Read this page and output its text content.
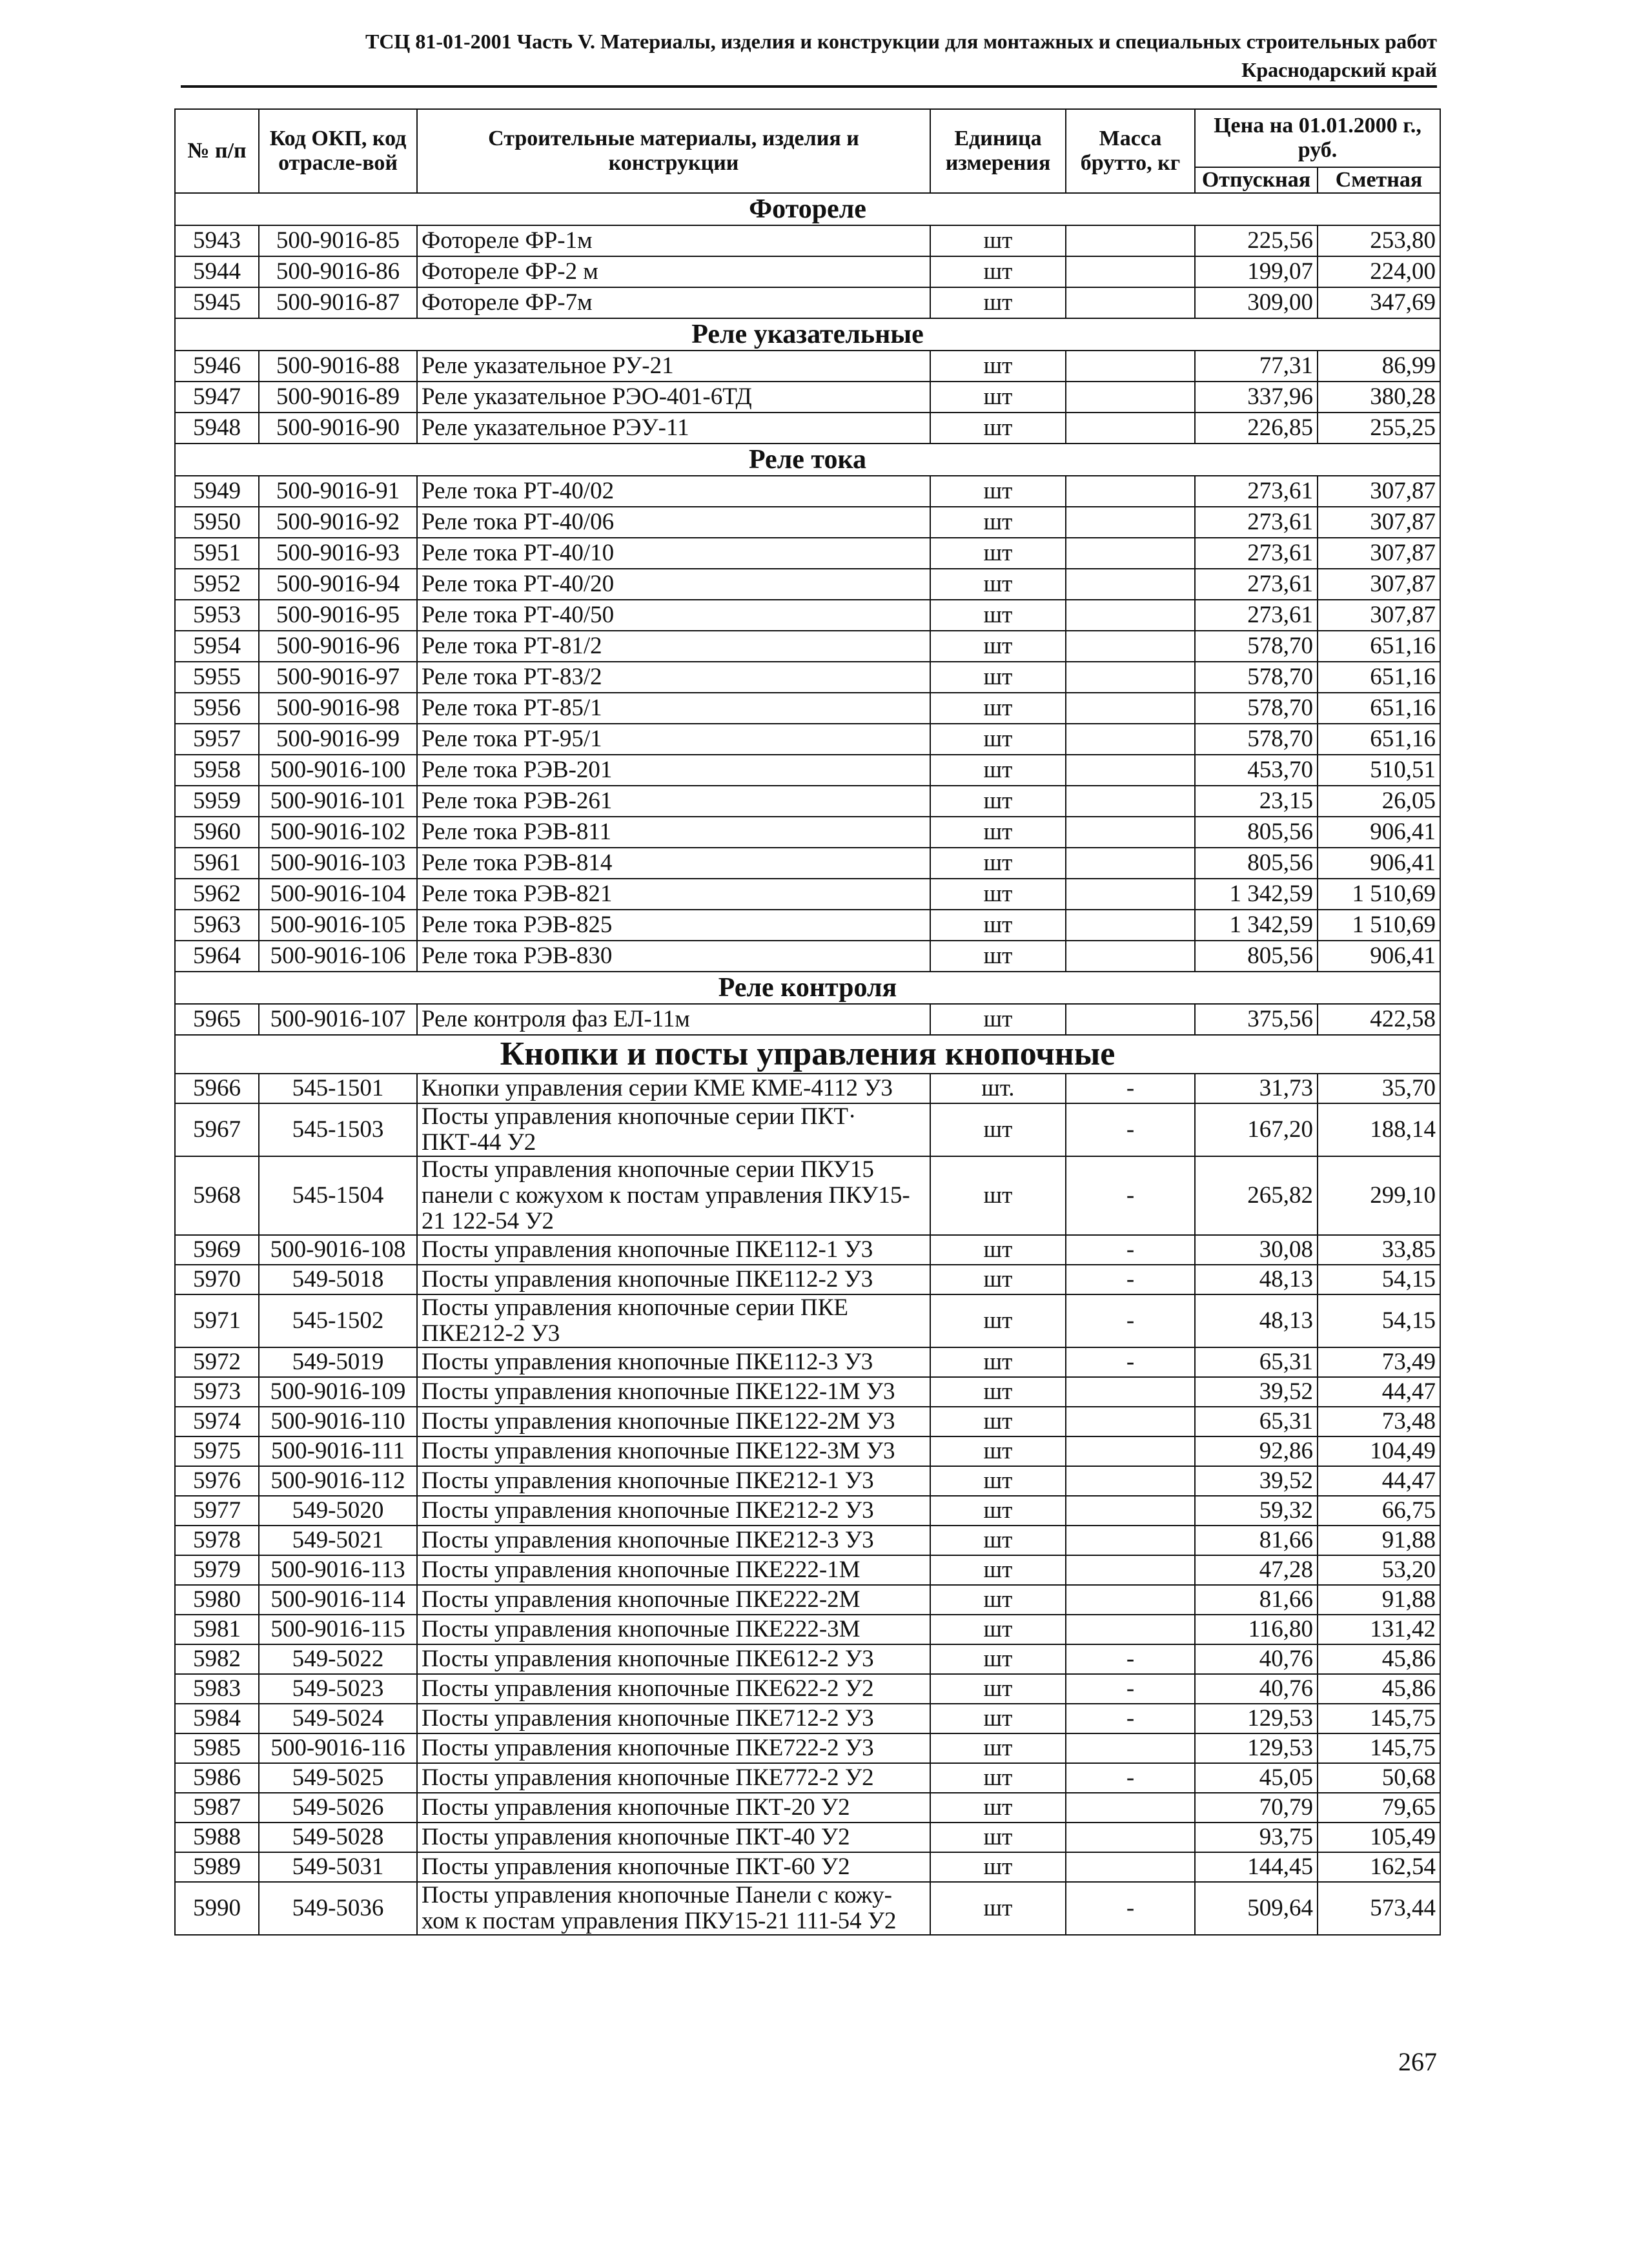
ТСЦ 81-01-2001 Часть V. Материалы, изделия и конструкции для монтажных и специальных строительных работ
Краснодарский край
№ п/п	Код ОКП, код отрасле-вой	Строительные материалы, изделия и конструкции	Единица измерения	Масса брутто, кг	Цена на 01.01.2000 г., руб.	
					Отпускная	Сметная
Фотореле						
5943	500-9016-85	Фотореле ФР-1м	шт		225,56	253,80
5944	500-9016-86	Фотореле ФР-2 м	шт		199,07	224,00
5945	500-9016-87	Фотореле ФР-7м	шт		309,00	347,69
Реле указательные						
5946	500-9016-88	Реле указательное РУ-21	шт		77,31	86,99
5947	500-9016-89	Реле указательное РЭО-401-6ТД	шт		337,96	380,28
5948	500-9016-90	Реле указательное РЭУ-11	шт		226,85	255,25
Реле тока						
5949	500-9016-91	Реле тока РТ-40/02	шт		273,61	307,87
5950	500-9016-92	Реле тока РТ-40/06	шт		273,61	307,87
5951	500-9016-93	Реле тока РТ-40/10	шт		273,61	307,87
5952	500-9016-94	Реле тока РТ-40/20	шт		273,61	307,87
5953	500-9016-95	Реле тока РТ-40/50	шт		273,61	307,87
5954	500-9016-96	Реле тока РТ-81/2	шт		578,70	651,16
5955	500-9016-97	Реле тока РТ-83/2	шт		578,70	651,16
5956	500-9016-98	Реле тока РТ-85/1	шт		578,70	651,16
5957	500-9016-99	Реле тока РТ-95/1	шт		578,70	651,16
5958	500-9016-100	Реле тока РЭВ-201	шт		453,70	510,51
5959	500-9016-101	Реле тока РЭВ-261	шт		23,15	26,05
5960	500-9016-102	Реле тока РЭВ-811	шт		805,56	906,41
5961	500-9016-103	Реле тока РЭВ-814	шт		805,56	906,41
5962	500-9016-104	Реле тока РЭВ-821	шт		1 342,59	1 510,69
5963	500-9016-105	Реле тока РЭВ-825	шт		1 342,59	1 510,69
5964	500-9016-106	Реле тока РЭВ-830	шт		805,56	906,41
Реле контроля						
5965	500-9016-107	Реле контроля фаз ЕЛ-11м	шт		375,56	422,58
Кнопки и посты управления кнопочные						
5966	545-1501	Кнопки управления серии КМЕ КМЕ-4112 У3	шт.	-	31,73	35,70
5967	545-1503	Посты управления кнопочные серии ПКТ· ПКТ-44 У2	шт	-	167,20	188,14
5968	545-1504	Посты управления кнопочные серии ПКУ15 панели с кожухом к постам управления ПКУ15-21 122-54 У2	шт	-	265,82	299,10
5969	500-9016-108	Посты управления кнопочные ПКЕ112-1 У3	шт	-	30,08	33,85
5970	549-5018	Посты управления кнопочные ПКЕ112-2 У3	шт	-	48,13	54,15
5971	545-1502	Посты управления кнопочные серии ПКЕ ПКЕ212-2 У3	шт	-	48,13	54,15
5972	549-5019	Посты управления кнопочные ПКЕ112-3 У3	шт	-	65,31	73,49
5973	500-9016-109	Посты управления кнопочные ПКЕ122-1М У3	шт		39,52	44,47
5974	500-9016-110	Посты управления кнопочные ПКЕ122-2М У3	шт		65,31	73,48
5975	500-9016-111	Посты управления кнопочные ПКЕ122-3М У3	шт		92,86	104,49
5976	500-9016-112	Посты управления кнопочные ПКЕ212-1 У3	шт		39,52	44,47
5977	549-5020	Посты управления кнопочные ПКЕ212-2 У3	шт		59,32	66,75
5978	549-5021	Посты управления кнопочные ПКЕ212-3 У3	шт		81,66	91,88
5979	500-9016-113	Посты управления кнопочные ПКЕ222-1М	шт		47,28	53,20
5980	500-9016-114	Посты управления кнопочные ПКЕ222-2М	шт		81,66	91,88
5981	500-9016-115	Посты управления кнопочные ПКЕ222-3М	шт		116,80	131,42
5982	549-5022	Посты управления кнопочные ПКЕ612-2 У3	шт	-	40,76	45,86
5983	549-5023	Посты управления кнопочные ПКЕ622-2 У2	шт	-	40,76	45,86
5984	549-5024	Посты управления кнопочные ПКЕ712-2 У3	шт	-	129,53	145,75
5985	500-9016-116	Посты управления кнопочные ПКЕ722-2 У3	шт		129,53	145,75
5986	549-5025	Посты управления кнопочные ПКЕ772-2 У2	шт	-	45,05	50,68
5987	549-5026	Посты управления кнопочные ПКТ-20 У2	шт		70,79	79,65
5988	549-5028	Посты управления кнопочные ПКТ-40 У2	шт		93,75	105,49
5989	549-5031	Посты управления кнопочные ПКТ-60 У2	шт		144,45	162,54
5990	549-5036	Посты управления кнопочные Панели с кожу-хом к постам управления ПКУ15-21 111-54 У2	шт	-	509,64	573,44
267
